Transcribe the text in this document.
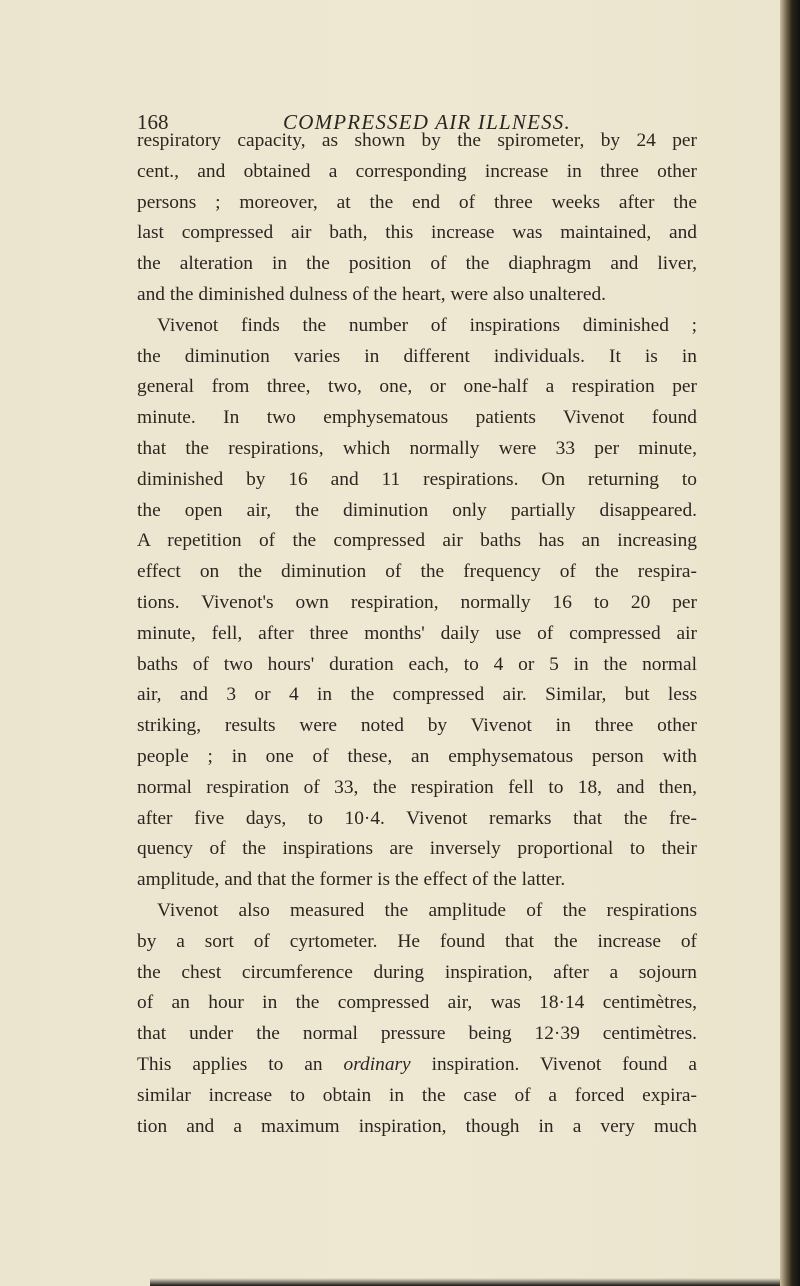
168	COMPRESSED AIR ILLNESS.
respiratory capacity, as shown by the spirometer, by 24 per
cent., and obtained a corresponding increase in three other
persons ; moreover, at the end of three weeks after the
last compressed air bath, this increase was maintained, and
the alteration in the position of the diaphragm and liver,
and the diminished dulness of the heart, were also unaltered.
Vivenot finds the number of inspirations diminished ;
the diminution varies in different individuals. It is in
general from three, two, one, or one-half a respiration per
minute. In two emphysematous patients Vivenot found
that the respirations, which normally were 33 per minute,
diminished by 16 and 11 respirations. On returning to
the open air, the diminution only partially disappeared.
A repetition of the compressed air baths has an increasing
effect on the diminution of the frequency of the respira-
tions. Vivenot's own respiration, normally 16 to 20 per
minute, fell, after three months' daily use of compressed air
baths of two hours' duration each, to 4 or 5 in the normal
air, and 3 or 4 in the compressed air. Similar, but less
striking, results were noted by Vivenot in three other
people ; in one of these, an emphysematous person with
normal respiration of 33, the respiration fell to 18, and then,
after five days, to 10·4. Vivenot remarks that the fre-
quency of the inspirations are inversely proportional to their
amplitude, and that the former is the effect of the latter.
Vivenot also measured the amplitude of the respirations
by a sort of cyrtometer. He found that the increase of
the chest circumference during inspiration, after a sojourn
of an hour in the compressed air, was 18·14 centimètres,
that under the normal pressure being 12·39 centimètres.
This applies to an ordinary inspiration. Vivenot found a
similar increase to obtain in the case of a forced expira-
tion and a maximum inspiration, though in a very much
